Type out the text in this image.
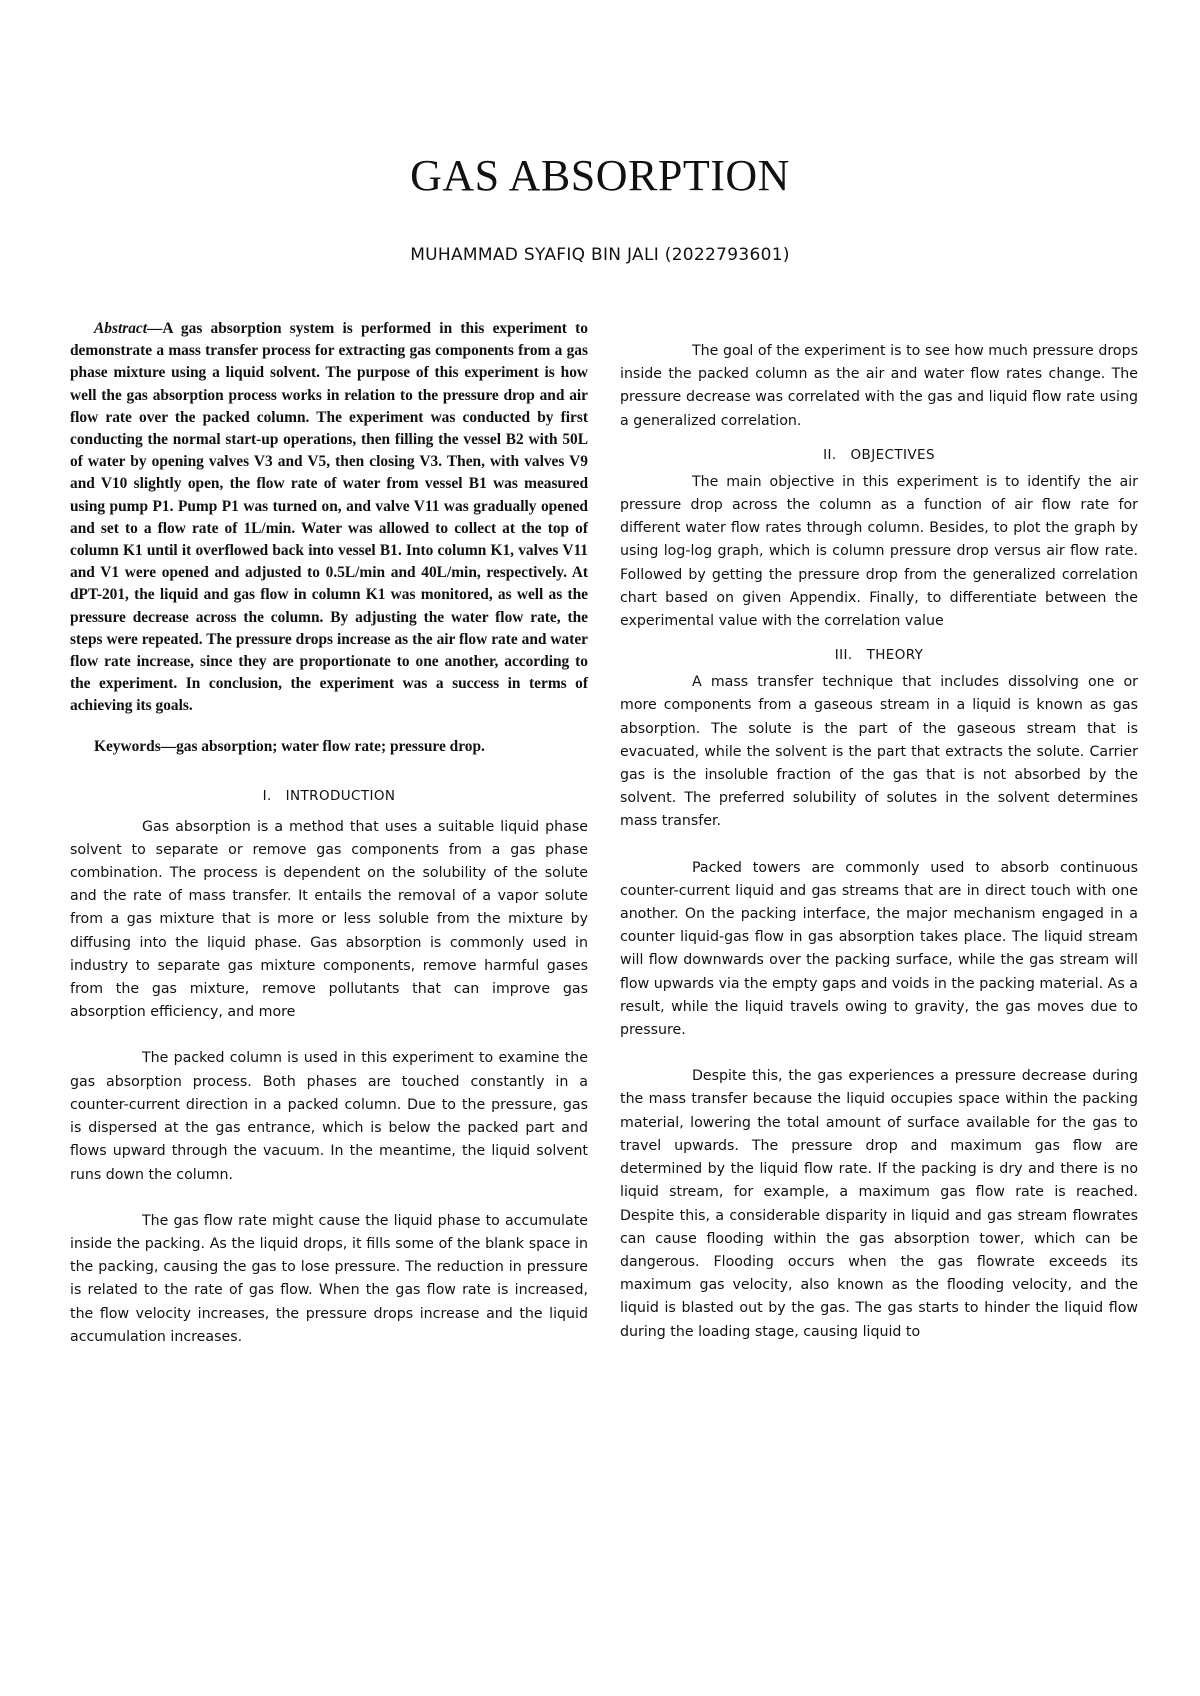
GAS ABSORPTION
MUHAMMAD SYAFIQ BIN JALI (2022793601)

Abstract—A gas absorption system is performed in this experiment to demonstrate a mass transfer process for extracting gas components from a gas phase mixture using a liquid solvent. The purpose of this experiment is how well the gas absorption process works in relation to the pressure drop and air flow rate over the packed column. The experiment was conducted by first conducting the normal start-up operations, then filling the vessel B2 with 50L of water by opening valves V3 and V5, then closing V3. Then, with valves V9 and V10 slightly open, the flow rate of water from vessel B1 was measured using pump P1. Pump P1 was turned on, and valve V11 was gradually opened and set to a flow rate of 1L/min. Water was allowed to collect at the top of column K1 until it overflowed back into vessel B1. Into column K1, valves V11 and V1 were opened and adjusted to 0.5L/min and 40L/min, respectively. At dPT-201, the liquid and gas flow in column K1 was monitored, as well as the pressure decrease across the column. By adjusting the water flow rate, the steps were repeated. The pressure drops increase as the air flow rate and water flow rate increase, since they are proportionate to one another, according to the experiment. In conclusion, the experiment was a success in terms of achieving its goals.

Keywords—gas absorption; water flow rate; pressure drop.

I. INTRODUCTION

Gas absorption is a method that uses a suitable liquid phase solvent to separate or remove gas components from a gas phase combination. The process is dependent on the solubility of the solute and the rate of mass transfer. It entails the removal of a vapor solute from a gas mixture that is more or less soluble from the mixture by diffusing into the liquid phase. Gas absorption is commonly used in industry to separate gas mixture components, remove harmful gases from the gas mixture, remove pollutants that can improve gas absorption efficiency, and more

The packed column is used in this experiment to examine the gas absorption process. Both phases are touched constantly in a counter-current direction in a packed column. Due to the pressure, gas is dispersed at the gas entrance, which is below the packed part and flows upward through the vacuum. In the meantime, the liquid solvent runs down the column.

The gas flow rate might cause the liquid phase to accumulate inside the packing. As the liquid drops, it fills some of the blank space in the packing, causing the gas to lose pressure. The reduction in pressure is related to the rate of gas flow. When the gas flow rate is increased, the flow velocity increases, the pressure drops increase and the liquid accumulation increases.

The goal of the experiment is to see how much pressure drops inside the packed column as the air and water flow rates change. The pressure decrease was correlated with the gas and liquid flow rate using a generalized correlation.

II. OBJECTIVES

The main objective in this experiment is to identify the air pressure drop across the column as a function of air flow rate for different water flow rates through column. Besides, to plot the graph by using log-log graph, which is column pressure drop versus air flow rate. Followed by getting the pressure drop from the generalized correlation chart based on given Appendix. Finally, to differentiate between the experimental value with the correlation value

III. THEORY

A mass transfer technique that includes dissolving one or more components from a gaseous stream in a liquid is known as gas absorption. The solute is the part of the gaseous stream that is evacuated, while the solvent is the part that extracts the solute. Carrier gas is the insoluble fraction of the gas that is not absorbed by the solvent. The preferred solubility of solutes in the solvent determines mass transfer.

Packed towers are commonly used to absorb continuous counter-current liquid and gas streams that are in direct touch with one another. On the packing interface, the major mechanism engaged in a counter liquid-gas flow in gas absorption takes place. The liquid stream will flow downwards over the packing surface, while the gas stream will flow upwards via the empty gaps and voids in the packing material. As a result, while the liquid travels owing to gravity, the gas moves due to pressure.

Despite this, the gas experiences a pressure decrease during the mass transfer because the liquid occupies space within the packing material, lowering the total amount of surface available for the gas to travel upwards. The pressure drop and maximum gas flow are determined by the liquid flow rate. If the packing is dry and there is no liquid stream, for example, a maximum gas flow rate is reached. Despite this, a considerable disparity in liquid and gas stream flowrates can cause flooding within the gas absorption tower, which can be dangerous. Flooding occurs when the gas flowrate exceeds its maximum gas velocity, also known as the flooding velocity, and the liquid is blasted out by the gas. The gas starts to hinder the liquid flow during the loading stage, causing liquid to
